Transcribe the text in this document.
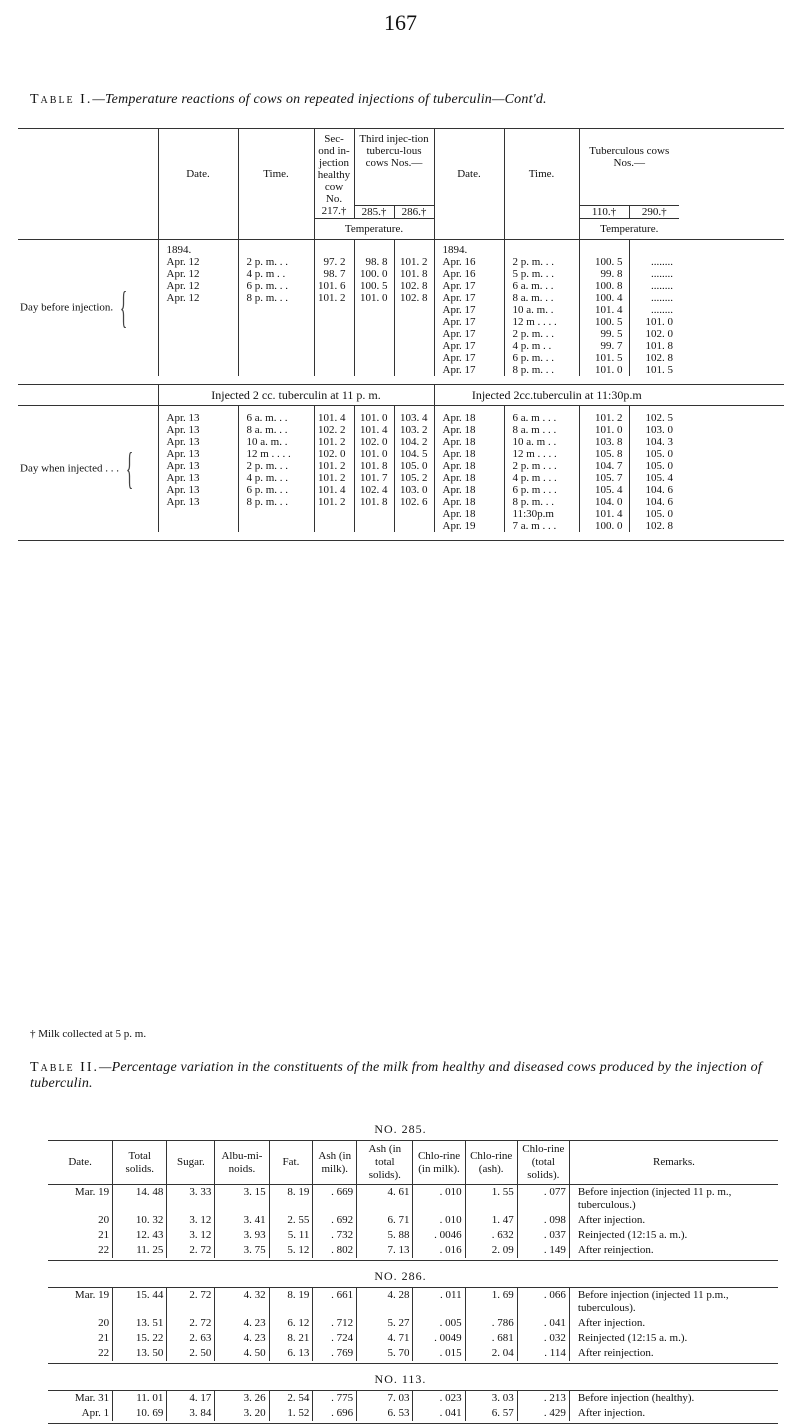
167
Table I.—Temperature reactions of cows on repeated injections of tuberculin—Cont'd.
	Date.	Time.	Sec-ond in-jection healthy cow No.	Third injec-tion tubercu-lous cows Nos.—		Date.	Time.	Tuberculous cows Nos.—		
			217.†	285.†	286.†			110.†	290.†	
			Temperature.					Temperature.		
Day before injection. {	1894.					1894.				
	Apr. 12	2 p. m. . .	97. 2	98. 8	101. 2	Apr. 16	2 p. m. . .	100. 5	........	
	Apr. 12	4 p. m . .	98. 7	100. 0	101. 8	Apr. 16	5 p. m. . .	99. 8	........	
	Apr. 12	6 p. m. . .	101. 6	100. 5	102. 8	Apr. 17	6 a. m. . .	100. 8	........	
	Apr. 12	8 p. m. . .	101. 2	101. 0	102. 8	Apr. 17	8 a. m. . .	100. 4	........	
						Apr. 17	10 a. m. .	101. 4	........	
						Apr. 17	12 m . . . .	100. 5	101. 0	
						Apr. 17	2 p. m. . .	99. 5	102. 0	
						Apr. 17	4 p. m . .	99. 7	101. 8	
						Apr. 17	6 p. m. . .	101. 5	102. 8	
						Apr. 17	8 p. m. . .	101. 0	101. 5	

	Injected 2 cc. tuberculin at 11 p. m.					Injected 2cc.tuberculin at 11:30p.m				
Day when injected . . . {	Apr. 13	6 a. m. . .	101. 4	101. 0	103. 4	Apr. 18	6 a. m . . .	101. 2	102. 5	
	Apr. 13	8 a. m. . .	102. 2	101. 4	103. 2	Apr. 18	8 a. m . . .	101. 0	103. 0	
	Apr. 13	10 a. m. .	101. 2	102. 0	104. 2	Apr. 18	10 a. m . .	103. 8	104. 3	
	Apr. 13	12 m . . . .	102. 0	101. 0	104. 5	Apr. 18	12 m . . . .	105. 8	105. 0	
	Apr. 13	2 p. m. . .	101. 2	101. 8	105. 0	Apr. 18	2 p. m . . .	104. 7	105. 0	
	Apr. 13	4 p. m. . .	101. 2	101. 7	105. 2	Apr. 18	4 p. m . . .	105. 7	105. 4	
	Apr. 13	6 p. m. . .	101. 4	102. 4	103. 0	Apr. 18	6 p. m . . .	105. 4	104. 6	
	Apr. 13	8 p. m. . .	101. 2	101. 8	102. 6	Apr. 18	8 p. m. . .	104. 0	104. 6	
						Apr. 18	11:30p.m	101. 4	105. 0	
						Apr. 19	7 a. m . . .	100. 0	102. 8	

† Milk collected at 5 p. m.
Table II.—Percentage variation in the constituents of the milk from healthy and diseased cows produced by the injection of tuberculin.
NO. 285.
Date.	Total solids.	Sugar.	Albu-mi-noids.	Fat.	Ash (in milk).	Ash (in total solids).	Chlo-rine (in milk).	Chlo-rine (ash).	Chlo-rine (total solids).	Remarks.
Mar. 19	14. 48	3. 33	3. 15	8. 19	. 669	4. 61	. 010	1. 55	. 077	Before injection (injected 11 p. m., tuberculous.)
20	10. 32	3. 12	3. 41	2. 55	. 692	6. 71	. 010	1. 47	. 098	After injection.
21	12. 43	3. 12	3. 93	5. 11	. 732	5. 88	. 0046	. 632	. 037	Reinjected (12:15 a. m.).
22	11. 25	2. 72	3. 75	5. 12	. 802	7. 13	. 016	2. 09	. 149	After reinjection.

NO. 286.
Mar. 19	15. 44	2. 72	4. 32	8. 19	. 661	4. 28	. 011	1. 69	. 066	Before injection (injected 11 p.m., tuberculous).
20	13. 51	2. 72	4. 23	6. 12	. 712	5. 27	. 005	. 786	. 041	After injection.
21	15. 22	2. 63	4. 23	8. 21	. 724	4. 71	. 0049	. 681	. 032	Reinjected (12:15 a. m.).
22	13. 50	2. 50	4. 50	6. 13	. 769	5. 70	. 015	2. 04	. 114	After reinjection.

NO. 113.
Mar. 31	11. 01	4. 17	3. 26	2. 54	. 775	7. 03	. 023	3. 03	. 213	Before injection (healthy).
Apr. 1	10. 69	3. 84	3. 20	1. 52	. 696	6. 53	. 041	6. 57	. 429	After injection.
